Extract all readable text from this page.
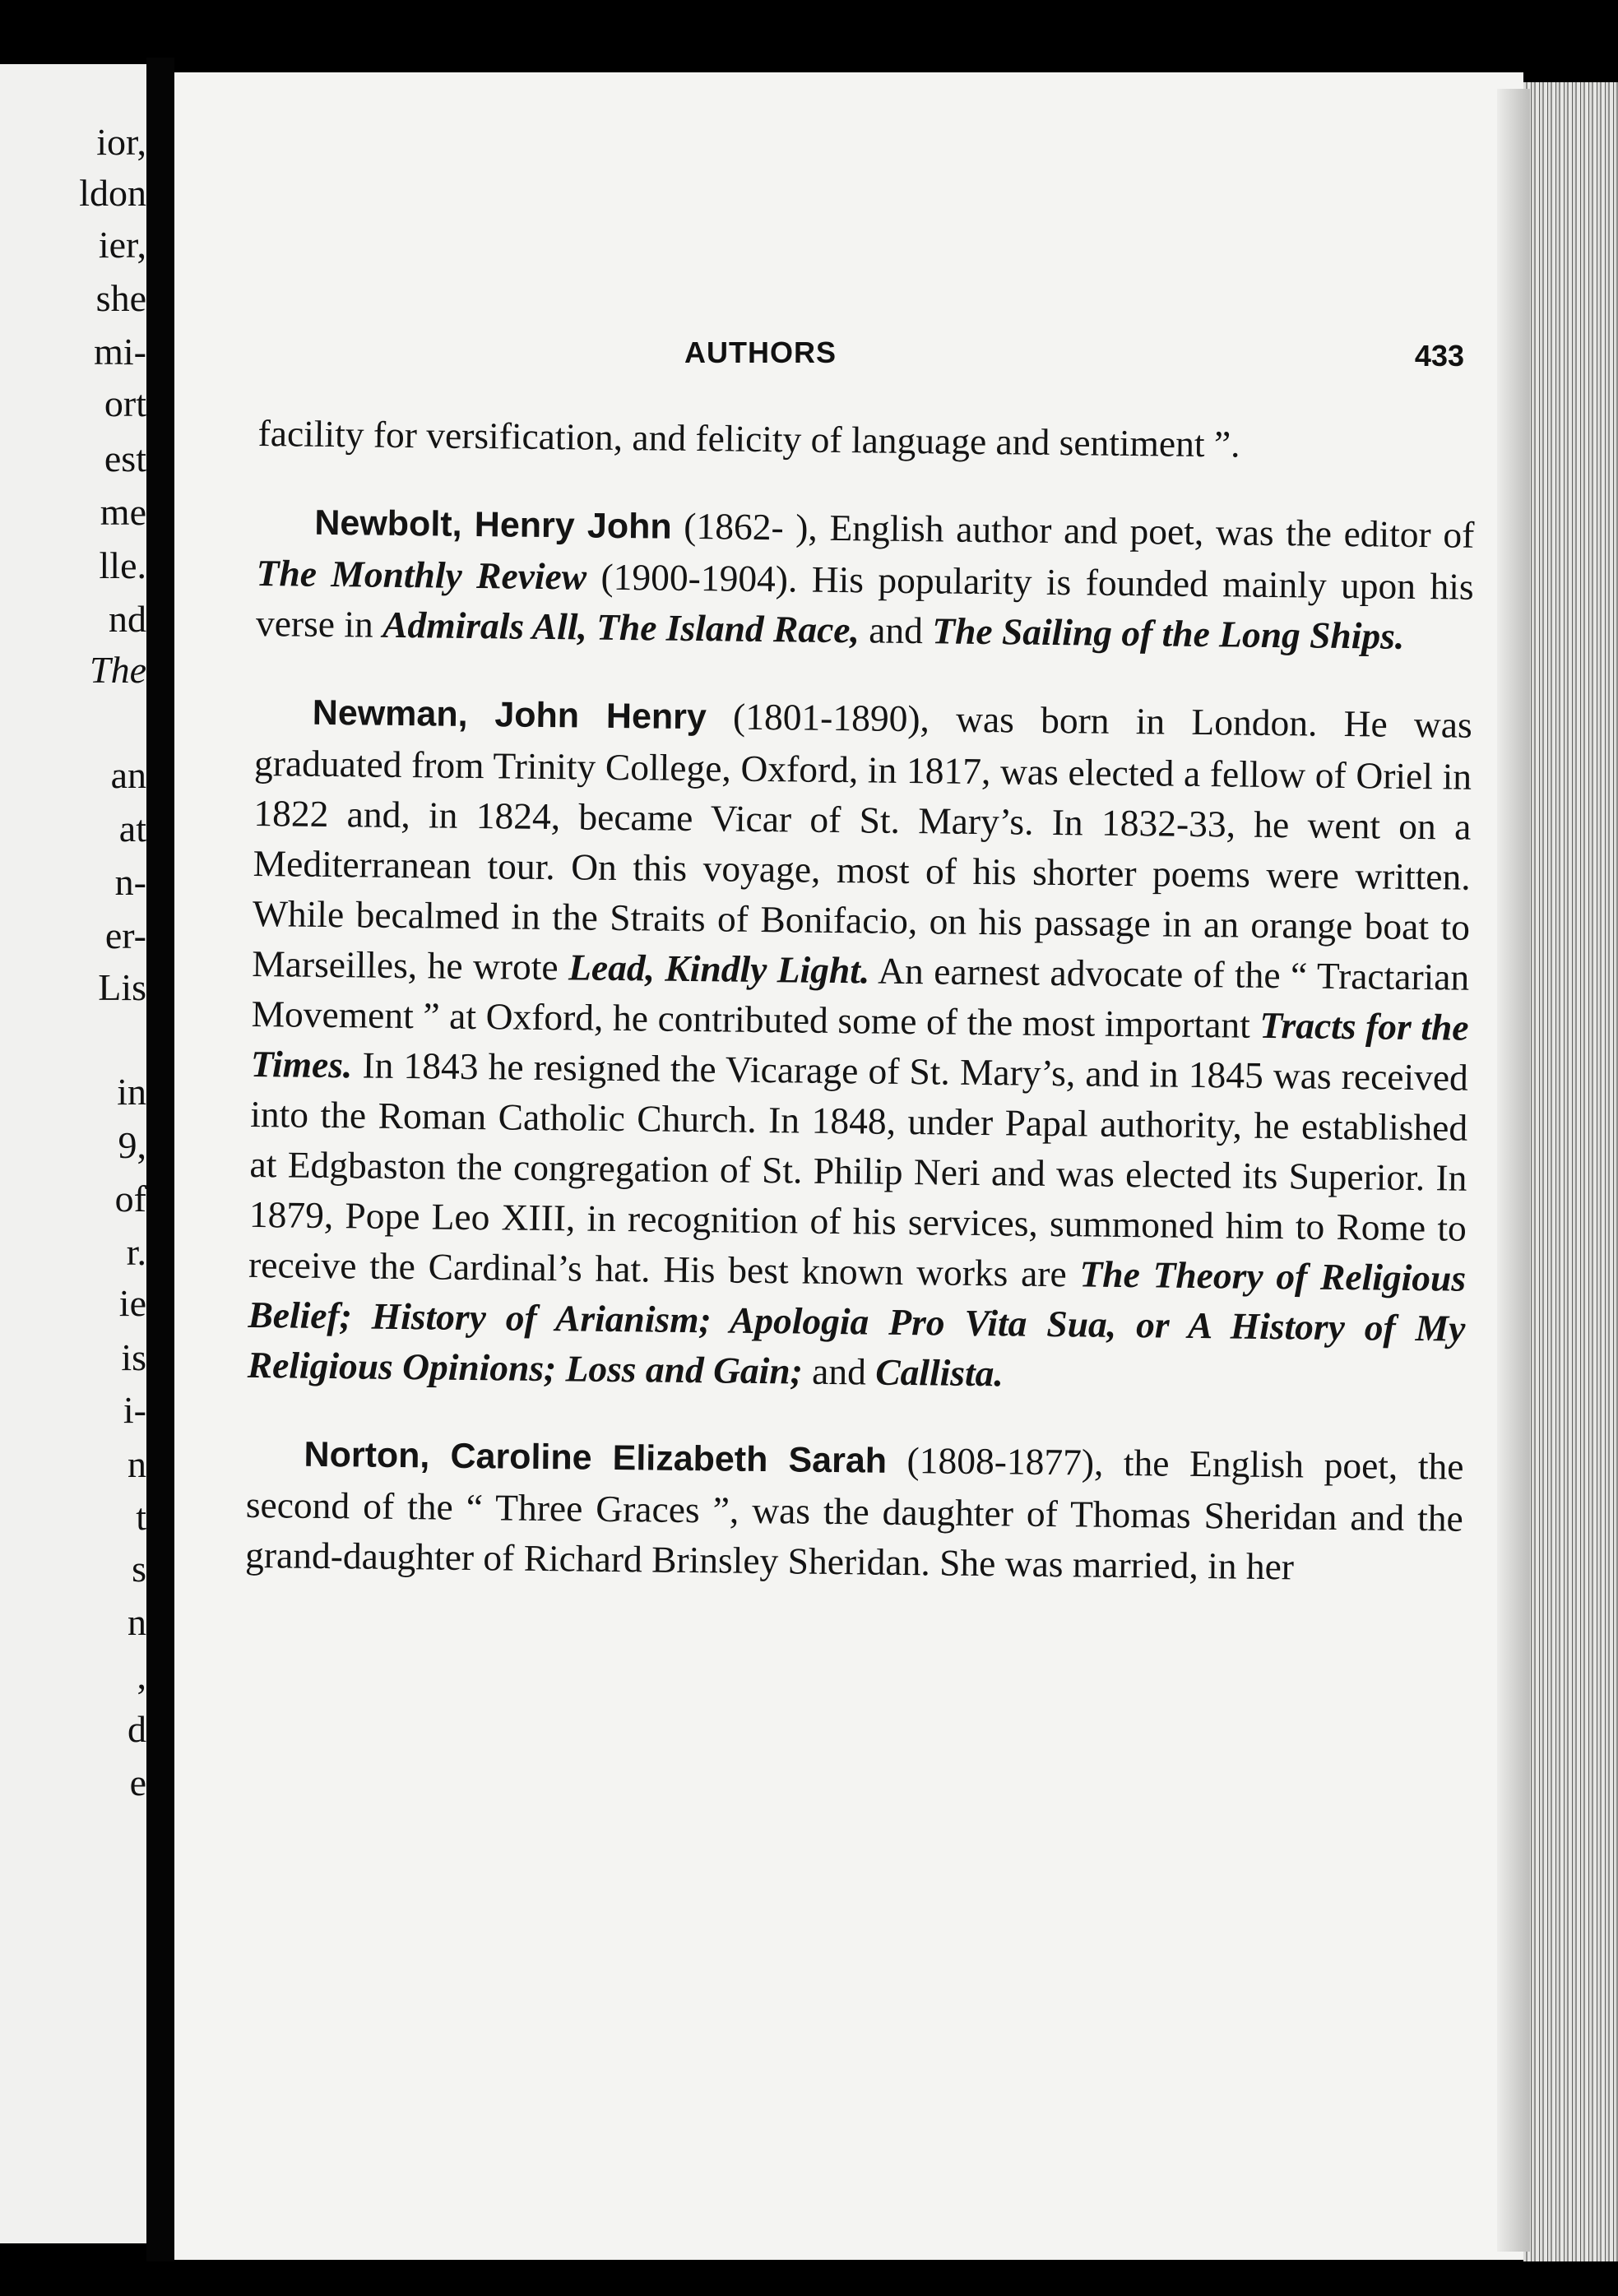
ior,
ldon
ier,
she
mi-
ort
est
me
lle.
nd
The
an
at
n-
er-
Lis
in
9,
of
r.
ie
is
i-
n
t
s
n
,
d
e
AUTHORS	433

facility for versification, and felicity of language and sentiment ”.

Newbolt, Henry John (1862- ), English author and poet, was the editor of The Monthly Review (1900-1904). His popularity is founded mainly upon his verse in Admirals All, The Island Race, and The Sailing of the Long Ships.

Newman, John Henry (1801-1890), was born in London. He was graduated from Trinity College, Oxford, in 1817, was elected a fellow of Oriel in 1822 and, in 1824, became Vicar of St. Mary’s. In 1832-33, he went on a Mediterranean tour. On this voyage, most of his shorter poems were written. While becalmed in the Straits of Bonifacio, on his passage in an orange boat to Marseilles, he wrote Lead, Kindly Light. An earnest advocate of the “ Tractarian Movement ” at Oxford, he contributed some of the most important Tracts for the Times. In 1843 he resigned the Vicarage of St. Mary’s, and in 1845 was received into the Roman Catholic Church. In 1848, under Papal authority, he established at Edgbaston the congregation of St. Philip Neri and was elected its Superior. In 1879, Pope Leo XIII, in recognition of his services, summoned him to Rome to receive the Cardinal’s hat. His best known works are The Theory of Religious Belief; History of Arianism; Apologia Pro Vita Sua, or A History of My Religious Opinions; Loss and Gain; and Callista.

Norton, Caroline Elizabeth Sarah (1808-1877), the English poet, the second of the “ Three Graces ”, was the daughter of Thomas Sheridan and the grand-daughter of Richard Brinsley Sheridan. She was married, in her
